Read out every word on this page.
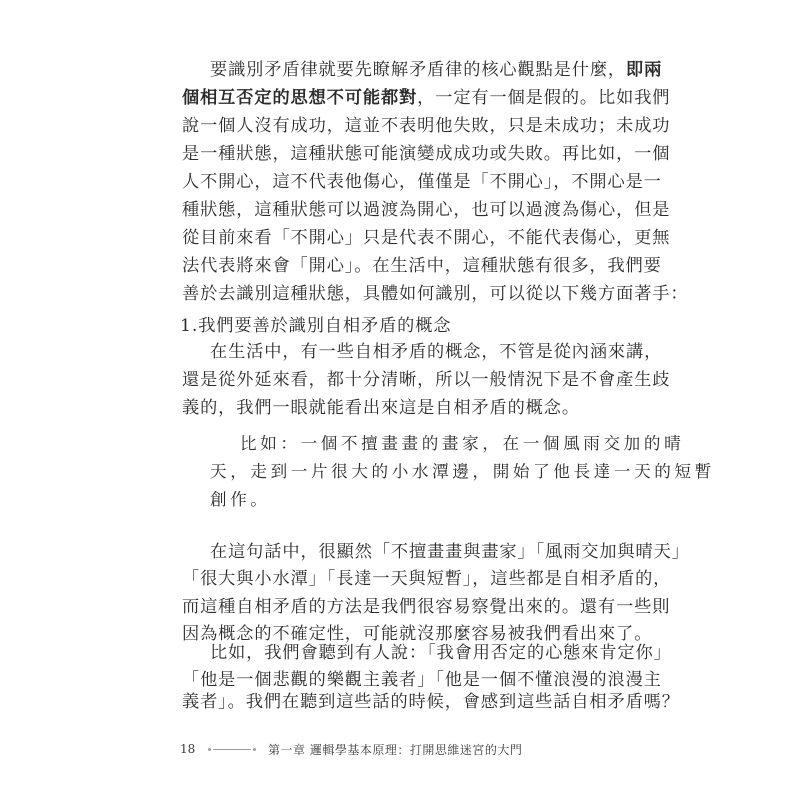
要識別矛盾律就要先瞭解矛盾律的核心觀點是什麼，即兩
個相互否定的思想不可能都對，一定有一個是假的。比如我們
說一個人沒有成功，這並不表明他失敗，只是未成功；未成功
是一種狀態，這種狀態可能演變成成功或失敗。再比如，一個
人不開心，這不代表他傷心，僅僅是「不開心」，不開心是一
種狀態，這種狀態可以過渡為開心，也可以過渡為傷心，但是
從目前來看「不開心」只是代表不開心，不能代表傷心，更無
法代表將來會「開心」。在生活中，這種狀態有很多，我們要
善於去識別這種狀態，具體如何識別，可以從以下幾方面著手：
1.我們要善於識別自相矛盾的概念
在生活中，有一些自相矛盾的概念，不管是從內涵來講，
還是從外延來看，都十分清晰，所以一般情況下是不會產生歧
義的，我們一眼就能看出來這是自相矛盾的概念。
比如：一個不擅畫畫的畫家，在一個風雨交加的晴
天，走到一片很大的小水潭邊，開始了他長達一天的短暫
創作。
在這句話中，很顯然「不擅畫畫與畫家」「風雨交加與晴天」
「很大與小水潭」「長達一天與短暫」，這些都是自相矛盾的，
而這種自相矛盾的方法是我們很容易察覺出來的。還有一些則
因為概念的不確定性，可能就沒那麼容易被我們看出來了。
比如，我們會聽到有人說：「我會用否定的心態來肯定你」
「他是一個悲觀的樂觀主義者」「他是一個不懂浪漫的浪漫主
義者」。我們在聽到這些話的時候，會感到這些話自相矛盾嗎？
18	第一章 邏輯學基本原理：打開思維迷宮的大門
